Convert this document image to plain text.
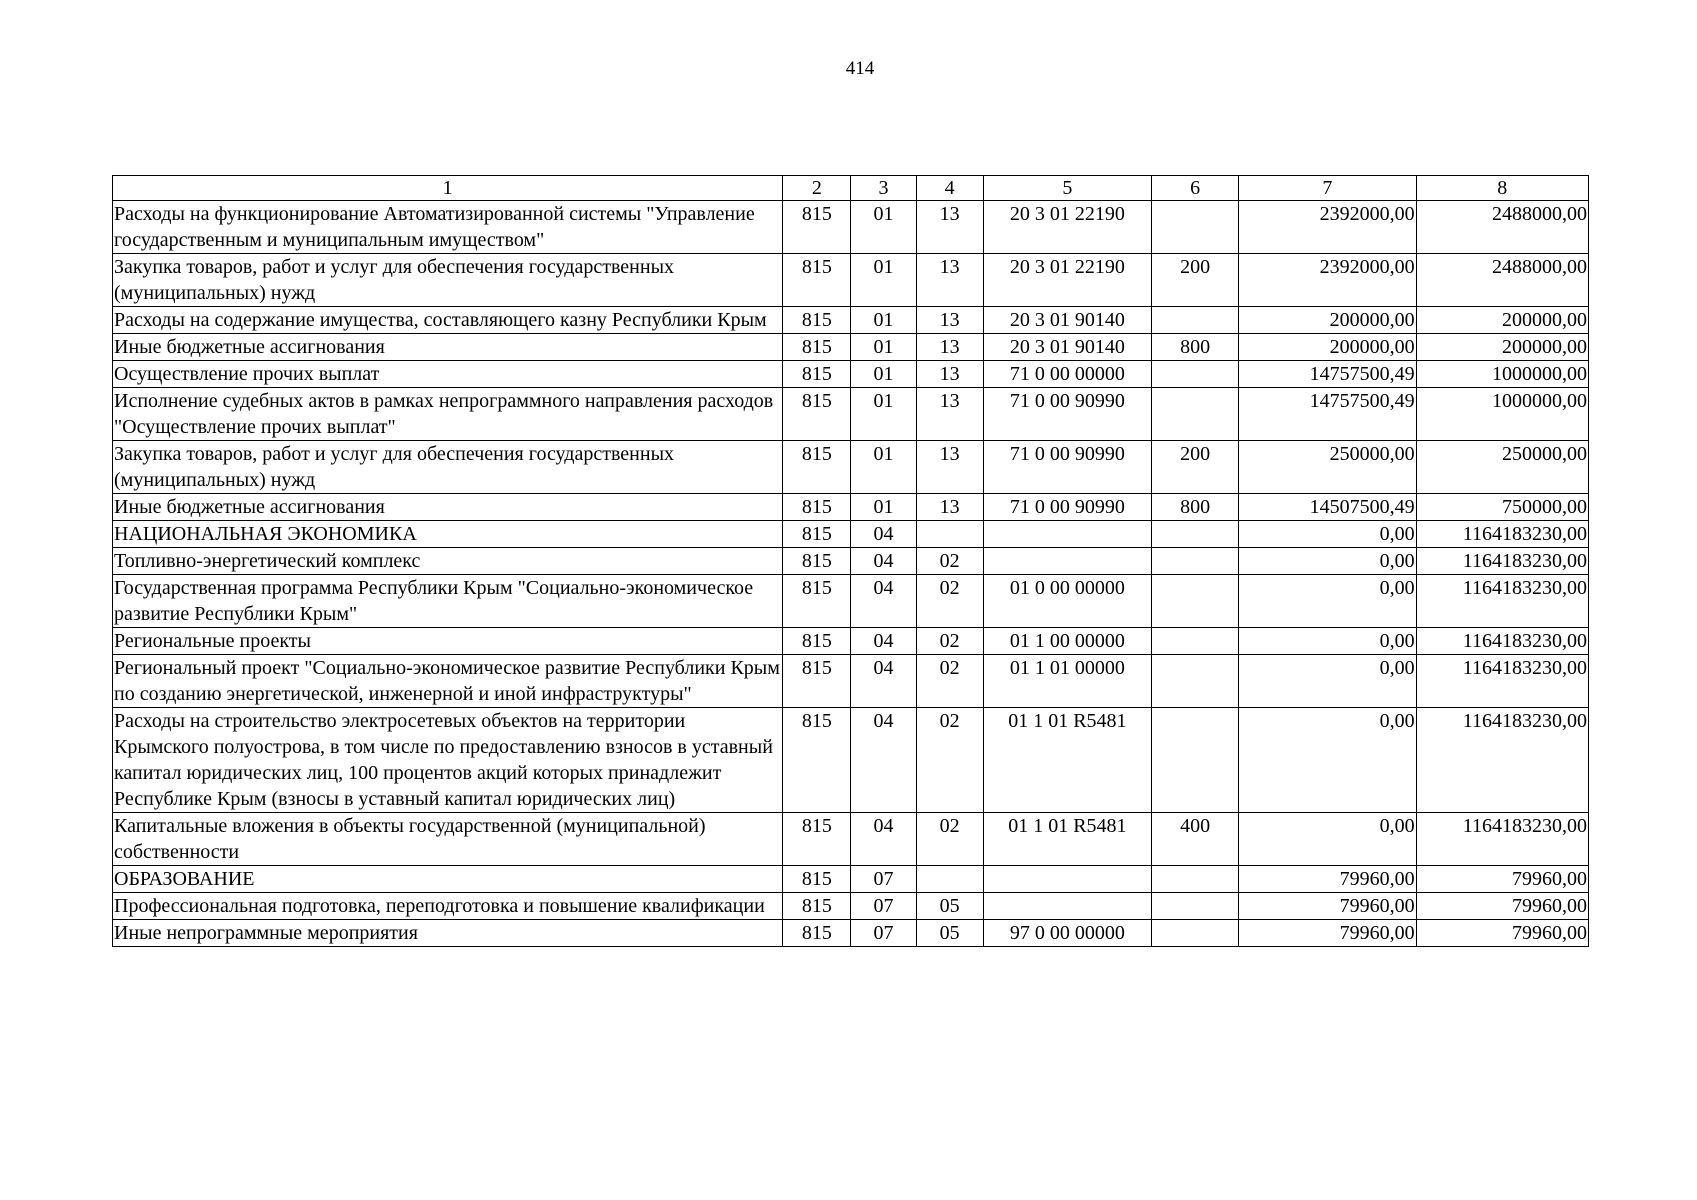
414
1	2	3	4	5	6	7	8
Расходы на функционирование Автоматизированной системы "Управление государственным и муниципальным имуществом"	815	01	13	20 3 01 22190		2392000,00	2488000,00
Закупка товаров, работ и услуг для обеспечения государственных (муниципальных) нужд	815	01	13	20 3 01 22190	200	2392000,00	2488000,00
Расходы на содержание имущества, составляющего казну Республики Крым	815	01	13	20 3 01 90140		200000,00	200000,00
Иные бюджетные ассигнования	815	01	13	20 3 01 90140	800	200000,00	200000,00
Осуществление прочих выплат	815	01	13	71 0 00 00000		14757500,49	1000000,00
Исполнение судебных актов в рамках непрограммного направления расходов "Осуществление прочих выплат"	815	01	13	71 0 00 90990		14757500,49	1000000,00
Закупка товаров, работ и услуг для обеспечения государственных (муниципальных) нужд	815	01	13	71 0 00 90990	200	250000,00	250000,00
Иные бюджетные ассигнования	815	01	13	71 0 00 90990	800	14507500,49	750000,00
НАЦИОНАЛЬНАЯ ЭКОНОМИКА	815	04				0,00	1164183230,00
Топливно-энергетический комплекс	815	04	02			0,00	1164183230,00
Государственная программа Республики Крым "Социально-экономическое развитие Республики Крым"	815	04	02	01 0 00 00000		0,00	1164183230,00
Региональные проекты	815	04	02	01 1 00 00000		0,00	1164183230,00
Региональный проект "Социально-экономическое развитие Республики Крым по созданию энергетической, инженерной и иной инфраструктуры"	815	04	02	01 1 01 00000		0,00	1164183230,00
Расходы на строительство электросетевых объектов на территории Крымского полуострова, в том числе по предоставлению взносов в уставный капитал юридических лиц, 100 процентов акций которых принадлежит Республике Крым (взносы в уставный капитал юридических лиц)	815	04	02	01 1 01 R5481		0,00	1164183230,00
Капитальные вложения в объекты государственной (муниципальной) собственности	815	04	02	01 1 01 R5481	400	0,00	1164183230,00
ОБРАЗОВАНИЕ	815	07				79960,00	79960,00
Профессиональная подготовка, переподготовка и повышение квалификации	815	07	05			79960,00	79960,00
Иные непрограммные мероприятия	815	07	05	97 0 00 00000		79960,00	79960,00
